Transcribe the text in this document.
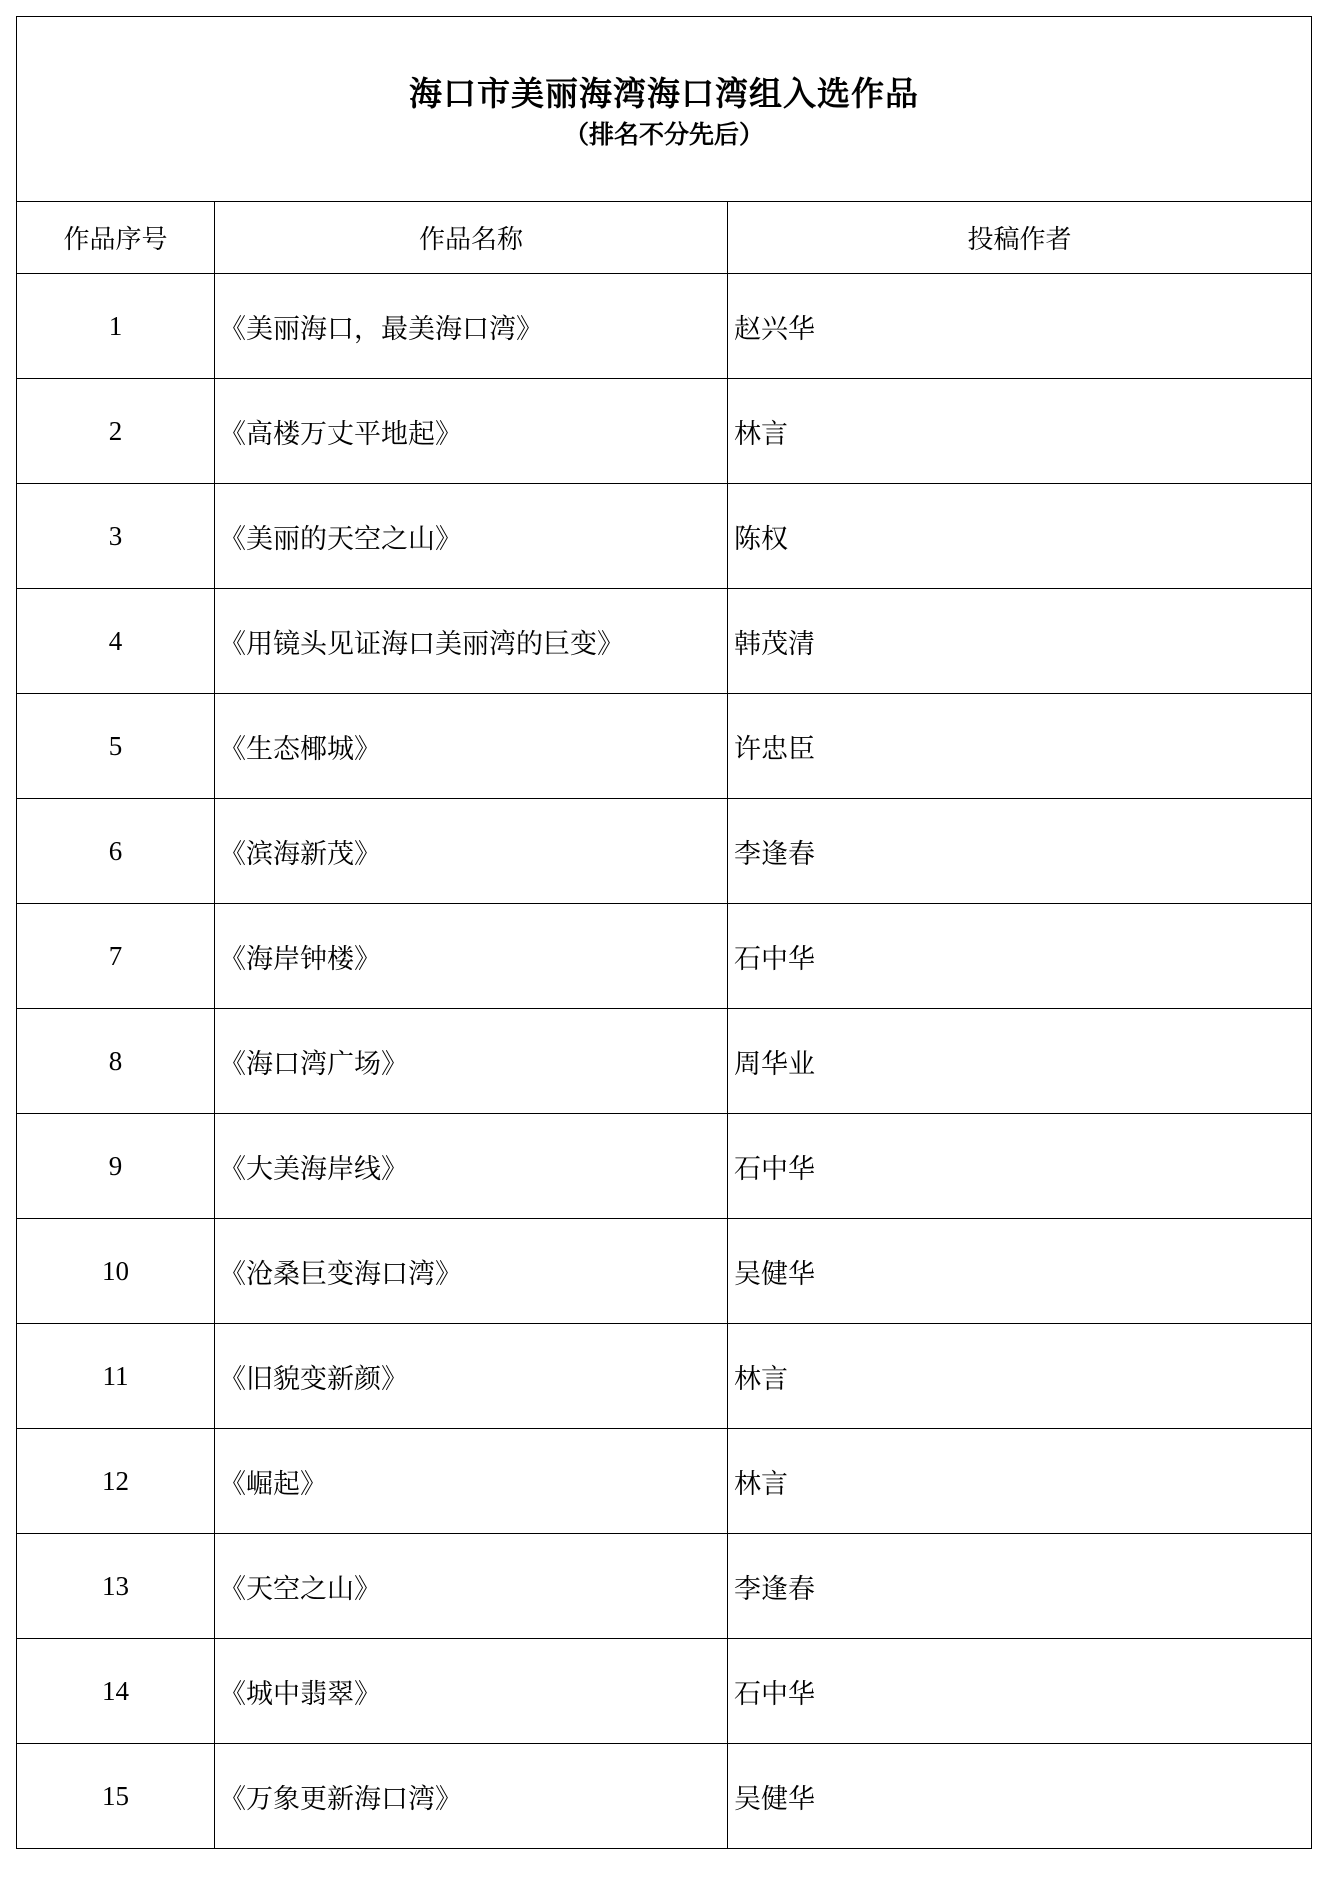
海口市美丽海湾海口湾组入选作品
（排名不分先后）		

作品序号	作品名称	投稿作者
1	《美丽海口，最美海口湾》	赵兴华
2	《高楼万丈平地起》	林言
3	《美丽的天空之山》	陈权
4	《用镜头见证海口美丽湾的巨变》	韩茂清
5	《生态椰城》	许忠臣
6	《滨海新茂》	李逢春
7	《海岸钟楼》	石中华
8	《海口湾广场》	周华业
9	《大美海岸线》	石中华
10	《沧桑巨变海口湾》	吴健华
11	《旧貌变新颜》	林言
12	《崛起》	林言
13	《天空之山》	李逢春
14	《城中翡翠》	石中华
15	《万象更新海口湾》	吴健华
